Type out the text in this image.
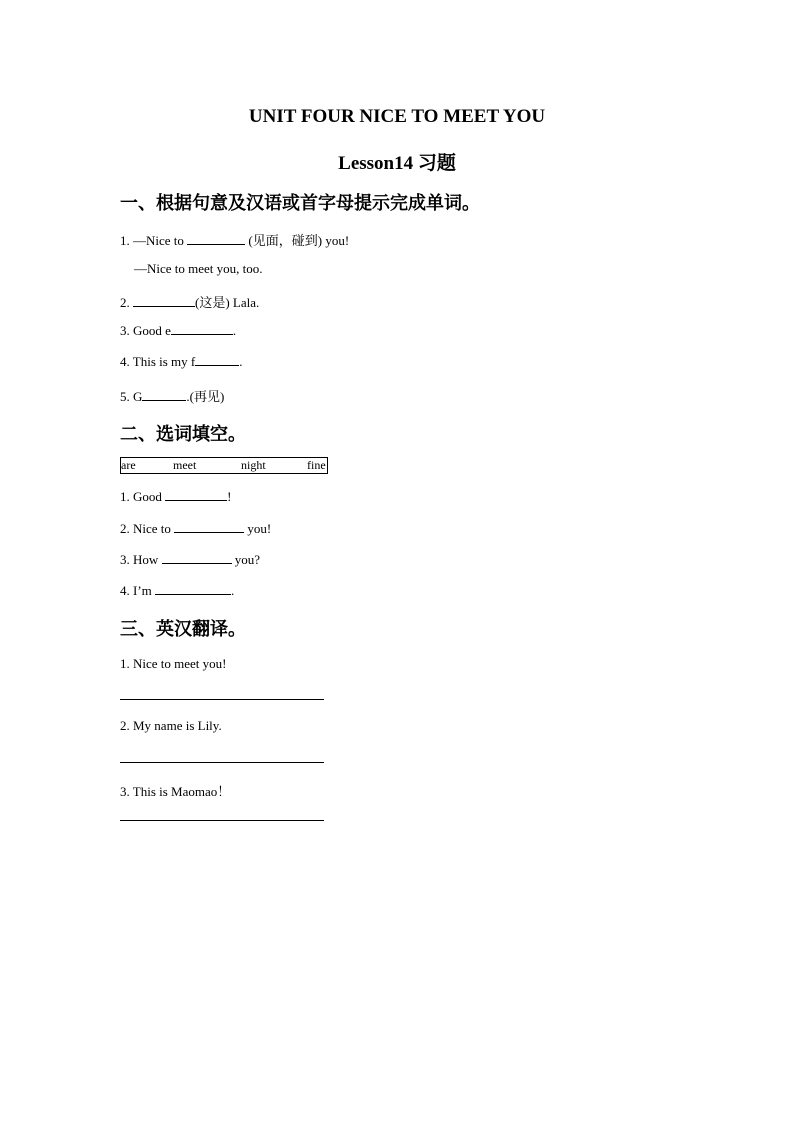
UNIT FOUR NICE TO MEET YOU
Lesson14 习题
一、根据句意及汉语或首字母提示完成单词。
1. —Nice to	(见面，碰到) you!
—Nice to meet you, too.
2.	(这是) Lala.
3. Good e	.
4. This is my f	.
5. G	.(再见)
二、选词填空。
are	meet	night	fine
1. Good	!
2. Nice to	you!
3. How	you?
4. I’m	.
三、英汉翻译。
1. Nice to meet you!
2. My name is Lily.
3. This is Maomao！
